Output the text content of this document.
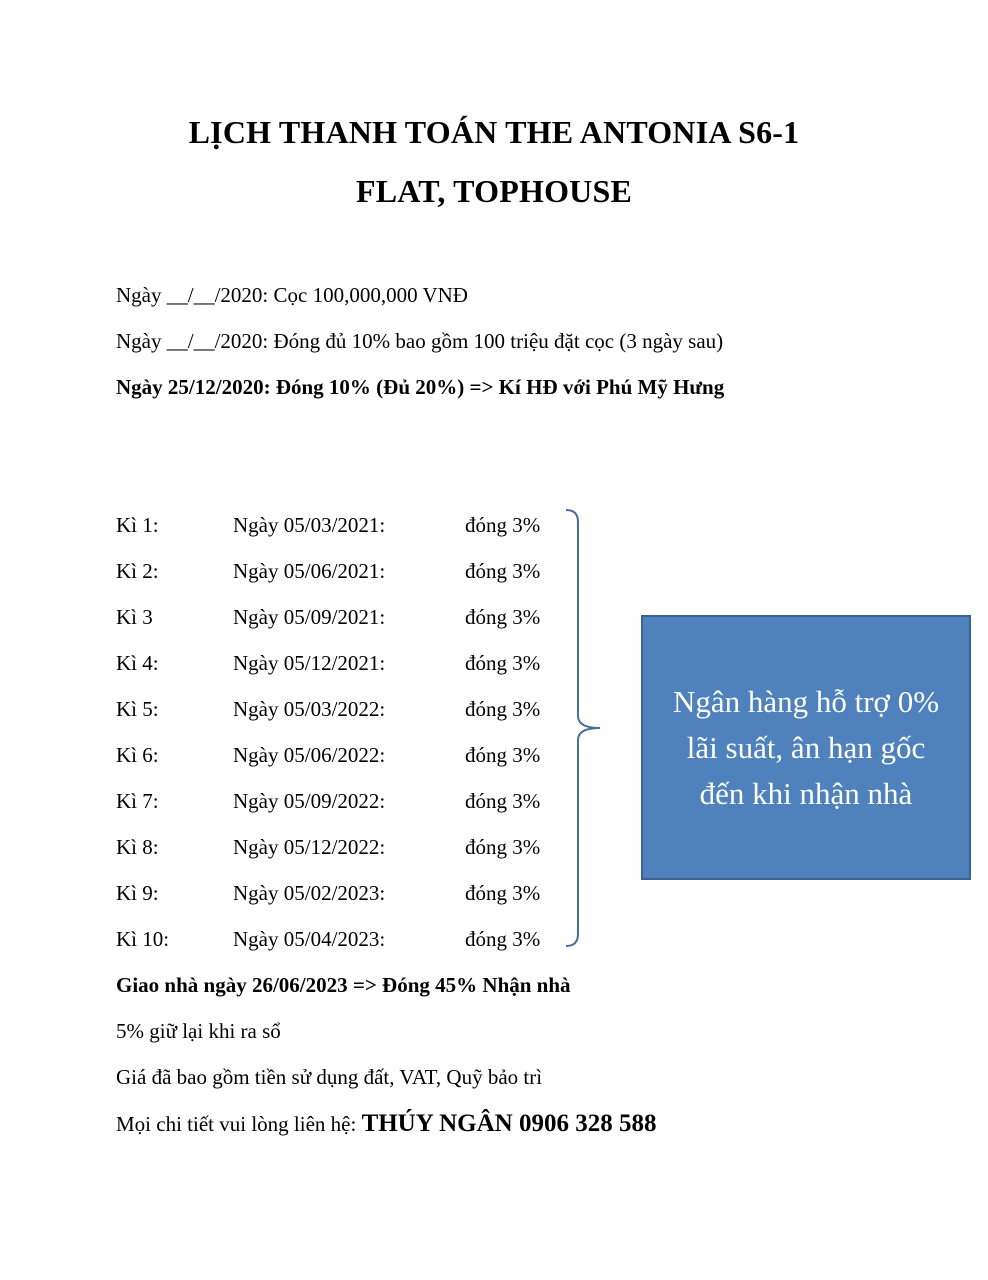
LỊCH THANH TOÁN THE ANTONIA S6-1
FLAT, TOPHOUSE
Ngày __/__/2020: Cọc 100,000,000 VNĐ
Ngày __/__/2020: Đóng đủ 10% bao gồm 100 triệu đặt cọc (3 ngày sau)
Ngày 25/12/2020: Đóng 10% (Đủ 20%) => Kí HĐ với Phú Mỹ Hưng
Kì 1:	Ngày 05/03/2021:	đóng 3%
Kì 2:	Ngày 05/06/2021:	đóng 3%
Kì 3	Ngày 05/09/2021:	đóng 3%
Kì 4:	Ngày 05/12/2021:	đóng 3%
Kì 5:	Ngày 05/03/2022:	đóng 3%
Kì 6:	Ngày 05/06/2022:	đóng 3%
Kì 7:	Ngày 05/09/2022:	đóng 3%
Kì 8:	Ngày 05/12/2022:	đóng 3%
Kì 9:	Ngày 05/02/2023:	đóng 3%
Kì 10:	Ngày 05/04/2023:	đóng 3%
Ngân hàng hỗ trợ 0%
lãi suất, ân hạn gốc
đến khi nhận nhà
Giao nhà ngày 26/06/2023 => Đóng 45% Nhận nhà
5% giữ lại khi ra sổ
Giá đã bao gồm tiền sử dụng đất, VAT, Quỹ bảo trì
Mọi chi tiết vui lòng liên hệ: THÚY NGÂN 0906 328 588
